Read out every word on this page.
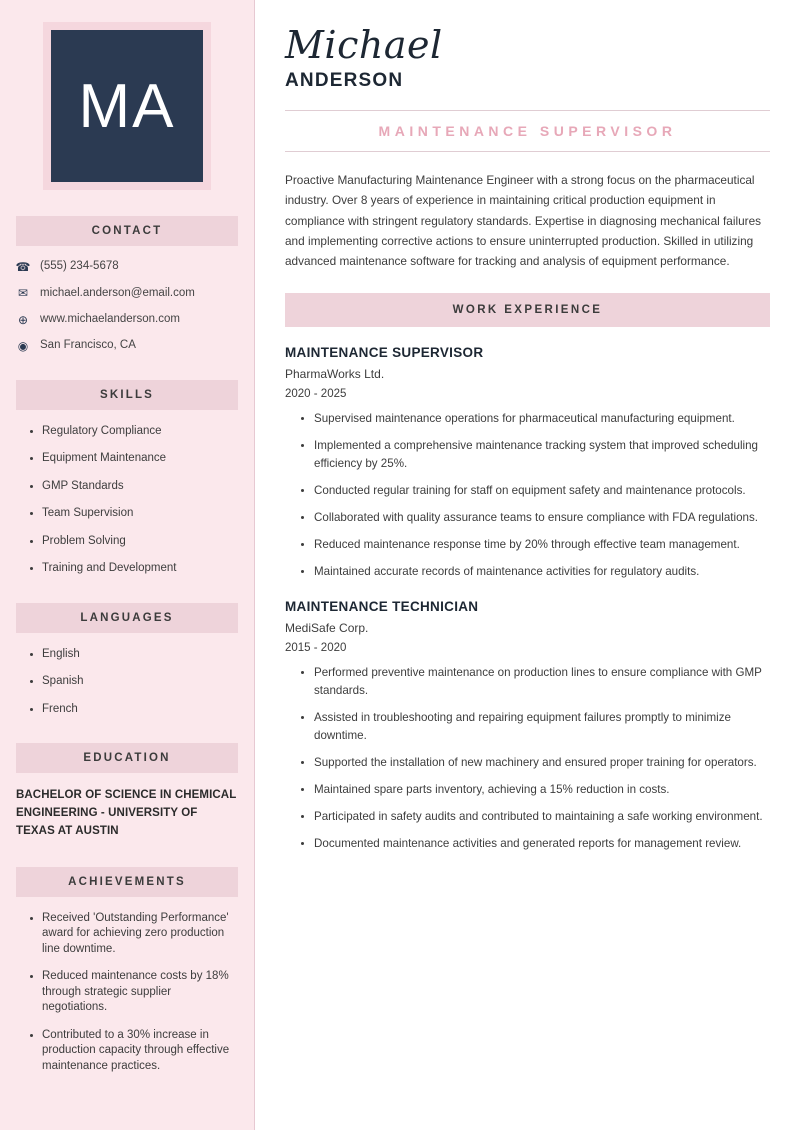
MA
CONTACT
☎ (555) 234-5678
✉ michael.anderson@email.com
⊕ www.michaelanderson.com
◉ San Francisco, CA
SKILLS
Regulatory Compliance
Equipment Maintenance
GMP Standards
Team Supervision
Problem Solving
Training and Development
LANGUAGES
English
Spanish
French
EDUCATION
BACHELOR OF SCIENCE IN CHEMICAL ENGINEERING - UNIVERSITY OF TEXAS AT AUSTIN
ACHIEVEMENTS
Received 'Outstanding Performance' award for achieving zero production line downtime.
Reduced maintenance costs by 18% through strategic supplier negotiations.
Contributed to a 30% increase in production capacity through effective maintenance practices.
Michael
ANDERSON
MAINTENANCE SUPERVISOR

Proactive Manufacturing Maintenance Engineer with a strong focus on the pharmaceutical industry. Over 8 years of experience in maintaining critical production equipment in compliance with stringent regulatory standards. Expertise in diagnosing mechanical failures and implementing corrective actions to ensure uninterrupted production. Skilled in utilizing advanced maintenance software for tracking and analysis of equipment performance.

WORK EXPERIENCE
MAINTENANCE SUPERVISOR
PharmaWorks Ltd.
2020 - 2025
Supervised maintenance operations for pharmaceutical manufacturing equipment.
Implemented a comprehensive maintenance tracking system that improved scheduling efficiency by 25%.
Conducted regular training for staff on equipment safety and maintenance protocols.
Collaborated with quality assurance teams to ensure compliance with FDA regulations.
Reduced maintenance response time by 20% through effective team management.
Maintained accurate records of maintenance activities for regulatory audits.
MAINTENANCE TECHNICIAN
MediSafe Corp.
2015 - 2020
Performed preventive maintenance on production lines to ensure compliance with GMP standards.
Assisted in troubleshooting and repairing equipment failures promptly to minimize downtime.
Supported the installation of new machinery and ensured proper training for operators.
Maintained spare parts inventory, achieving a 15% reduction in costs.
Participated in safety audits and contributed to maintaining a safe working environment.
Documented maintenance activities and generated reports for management review.
